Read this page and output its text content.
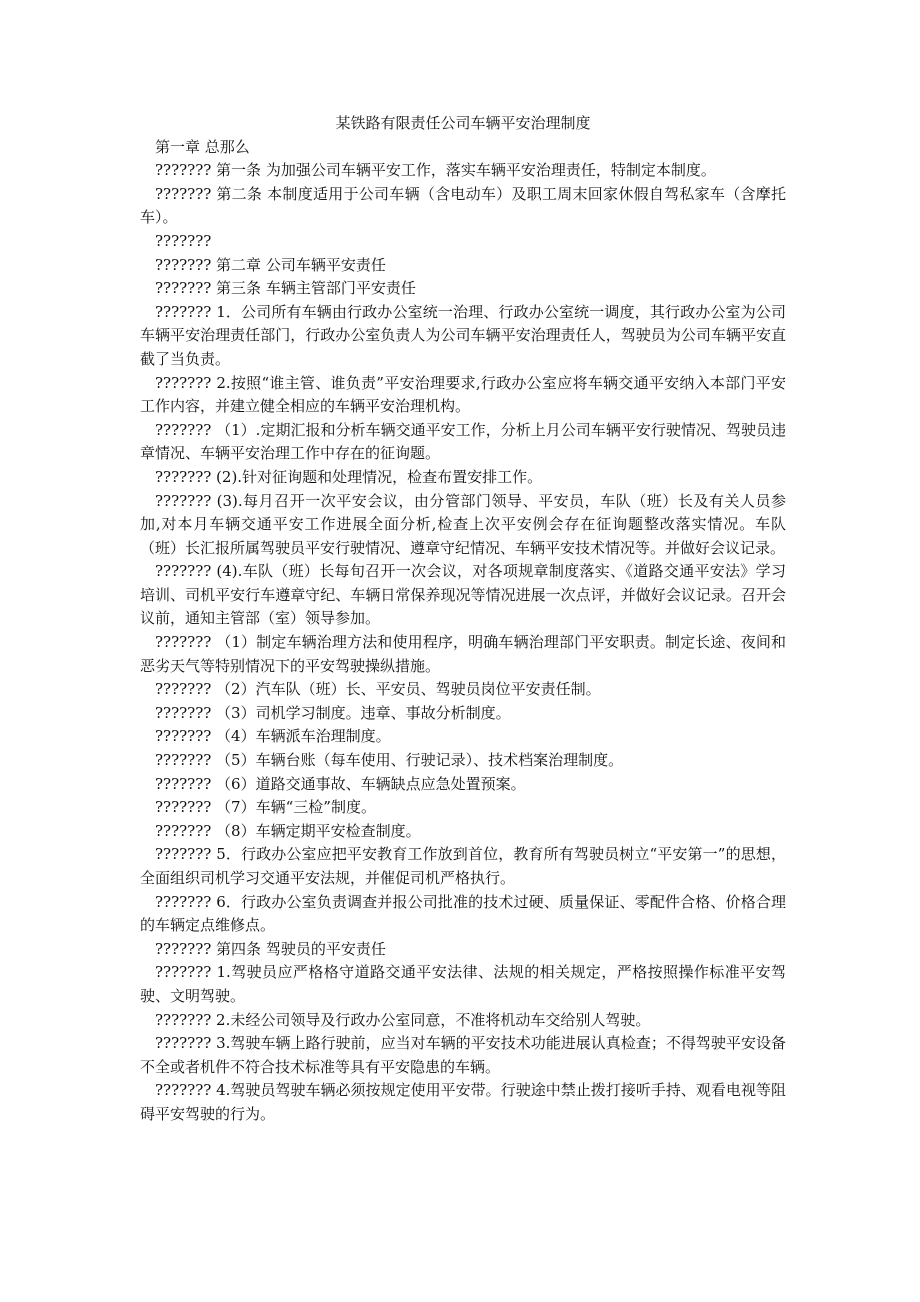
某铁路有限责任公司车辆平安治理制度

第一章 总那么

??????? 第一条 为加强公司车辆平安工作，落实车辆平安治理责任，特制定本制度。

??????? 第二条 本制度适用于公司车辆（含电动车）及职工周末回家休假自驾私家车（含摩托车）。

???????

??????? 第二章 公司车辆平安责任

??????? 第三条 车辆主管部门平安责任

??????? 1．公司所有车辆由行政办公室统一治理、行政办公室统一调度，其行政办公室为公司车辆平安治理责任部门，行政办公室负责人为公司车辆平安治理责任人，驾驶员为公司车辆平安直截了当负责。

??????? 2.按照“谁主管、谁负责”平安治理要求,行政办公室应将车辆交通平安纳入本部门平安工作内容，并建立健全相应的车辆平安治理机构。

??????? （1）.定期汇报和分析车辆交通平安工作，分析上月公司车辆平安行驶情况、驾驶员违章情况、车辆平安治理工作中存在的征询题。

??????? (2).针对征询题和处理情况，检查布置安排工作。

??????? (3).每月召开一次平安会议，由分管部门领导、平安员，车队（班）长及有关人员参加,对本月车辆交通平安工作进展全面分析,检查上次平安例会存在征询题整改落实情况。车队（班）长汇报所属驾驶员平安行驶情况、遵章守纪情况、车辆平安技术情况等。并做好会议记录。

??????? (4).车队（班）长每旬召开一次会议，对各项规章制度落实、《道路交通平安法》学习培训、司机平安行车遵章守纪、车辆日常保养现况等情况进展一次点评，并做好会议记录。召开会议前，通知主管部（室）领导参加。

??????? （1）制定车辆治理方法和使用程序，明确车辆治理部门平安职责。制定长途、夜间和恶劣天气等特别情况下的平安驾驶操纵措施。

??????? （2）汽车队（班）长、平安员、驾驶员岗位平安责任制。

??????? （3）司机学习制度。违章、事故分析制度。

??????? （4）车辆派车治理制度。

??????? （5）车辆台账（每车使用、行驶记录）、技术档案治理制度。

??????? （6）道路交通事故、车辆缺点应急处置预案。

??????? （7）车辆“三检”制度。

??????? （8）车辆定期平安检查制度。

??????? 5．行政办公室应把平安教育工作放到首位，教育所有驾驶员树立“平安第一”的思想，全面组织司机学习交通平安法规，并催促司机严格执行。

??????? 6．行政办公室负责调查并报公司批准的技术过硬、质量保证、零配件合格、价格合理的车辆定点维修点。

??????? 第四条 驾驶员的平安责任

??????? 1.驾驶员应严格格守道路交通平安法律、法规的相关规定，严格按照操作标准平安驾驶、文明驾驶。

??????? 2.未经公司领导及行政办公室同意，不准将机动车交给别人驾驶。

??????? 3.驾驶车辆上路行驶前，应当对车辆的平安技术功能进展认真检查；不得驾驶平安设备不全或者机件不符合技术标准等具有平安隐患的车辆。

??????? 4.驾驶员驾驶车辆必须按规定使用平安带。行驶途中禁止拨打接听手持、观看电视等阻碍平安驾驶的行为。
